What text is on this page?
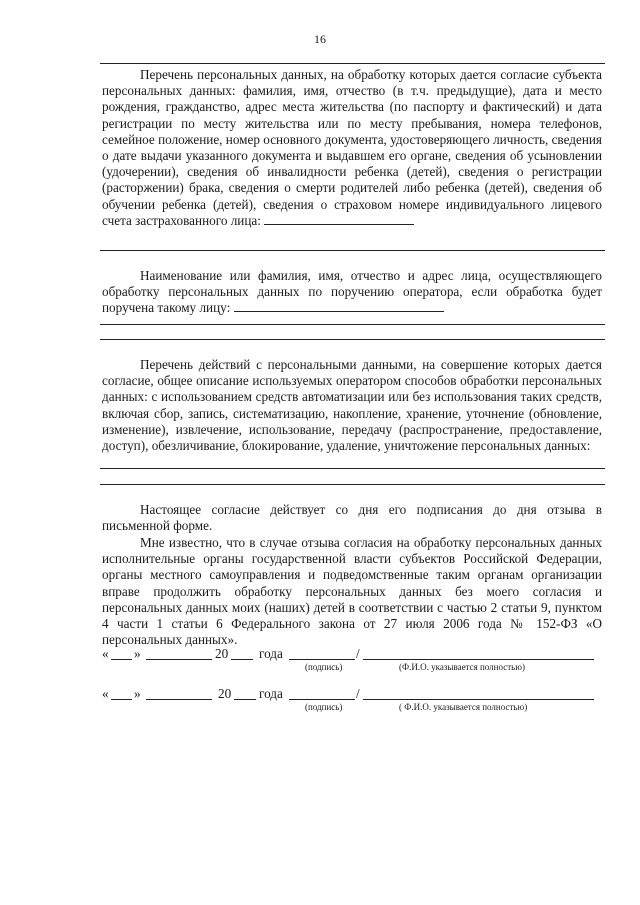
16
Перечень персональных данных, на обработку которых дается согласие субъекта персональных данных: фамилия, имя, отчество (в т.ч. предыдущие), дата и место рождения, гражданство, адрес места жительства (по паспорту и фактический) и дата регистрации по месту жительства или по месту пребывания, номера телефонов, семейное положение, номер основного документа, удостоверяющего личность, сведения о дате выдачи указанного документа и выдавшем его органе, сведения об усыновлении (удочерении), сведения об инвалидности ребенка (детей), сведения о регистрации (расторжении) брака, сведения о смерти родителей либо ребенка (детей), сведения об обучении ребенка (детей), сведения о страховом номере индивидуального лицевого счета застрахованного лица:
Наименование или фамилия, имя, отчество и адрес лица, осуществляющего обработку персональных данных по поручению оператора, если обработка будет поручена такому лицу:
Перечень действий с персональными данными, на совершение которых дается согласие, общее описание используемых оператором способов обработки персональных данных: с использованием средств автоматизации или без использования таких средств, включая сбор, запись, систематизацию, накопление, хранение, уточнение (обновление, изменение), извлечение, использование, передачу (распространение, предоставление, доступ), обезличивание, блокирование, удаление, уничтожение персональных данных:
Настоящее согласие действует со дня его подписания до дня отзыва в письменной форме.
Мне известно, что в случае отзыва согласия на обработку персональных данных исполнительные органы государственной власти субъектов Российской Федерации, органы местного самоуправления и подведомственные таким органам организации вправе продолжить обработку персональных данных без моего согласия и персональных данных моих (наших) детей в соответствии с частью 2 статьи 9, пунктом 4 части 1 статьи 6 Федерального закона от 27 июля 2006 года № 152-ФЗ «О персональных данных».
« »	20 года	/
(подпись)	(Ф.И.О. указывается полностью)
« »	20 года	/
(подпись)	( Ф.И.О. указывается полностью)
